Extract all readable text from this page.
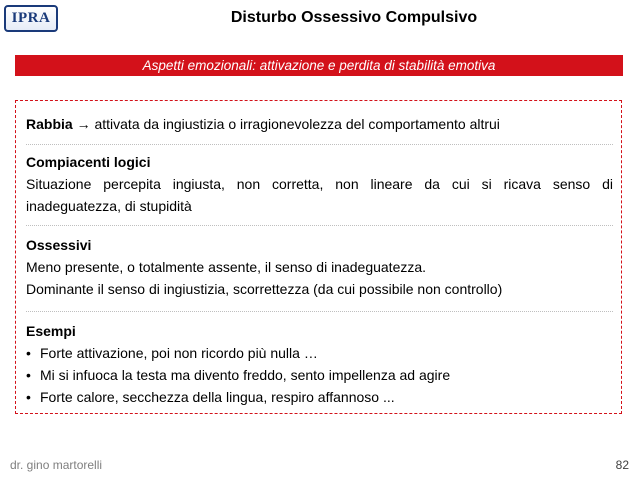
IPRA	Disturbo Ossessivo Compulsivo
Aspetti emozionali: attivazione e perdita di stabilità emotiva
Rabbia → attivata da ingiustizia o irragionevolezza del comportamento altrui
Compiacenti logici
Situazione percepita ingiusta, non corretta, non lineare da cui si ricava senso di inadeguatezza, di stupidità
Ossessivi
Meno presente, o totalmente assente, il senso di inadeguatezza.
Dominante il senso di ingiustizia, scorrettezza (da cui possibile non controllo)
Esempi
• Forte attivazione, poi non ricordo più nulla …
• Mi si infuoca la testa ma divento freddo, sento impellenza ad agire
• Forte calore, secchezza della lingua, respiro affannoso ...
dr. gino martorelli	82
